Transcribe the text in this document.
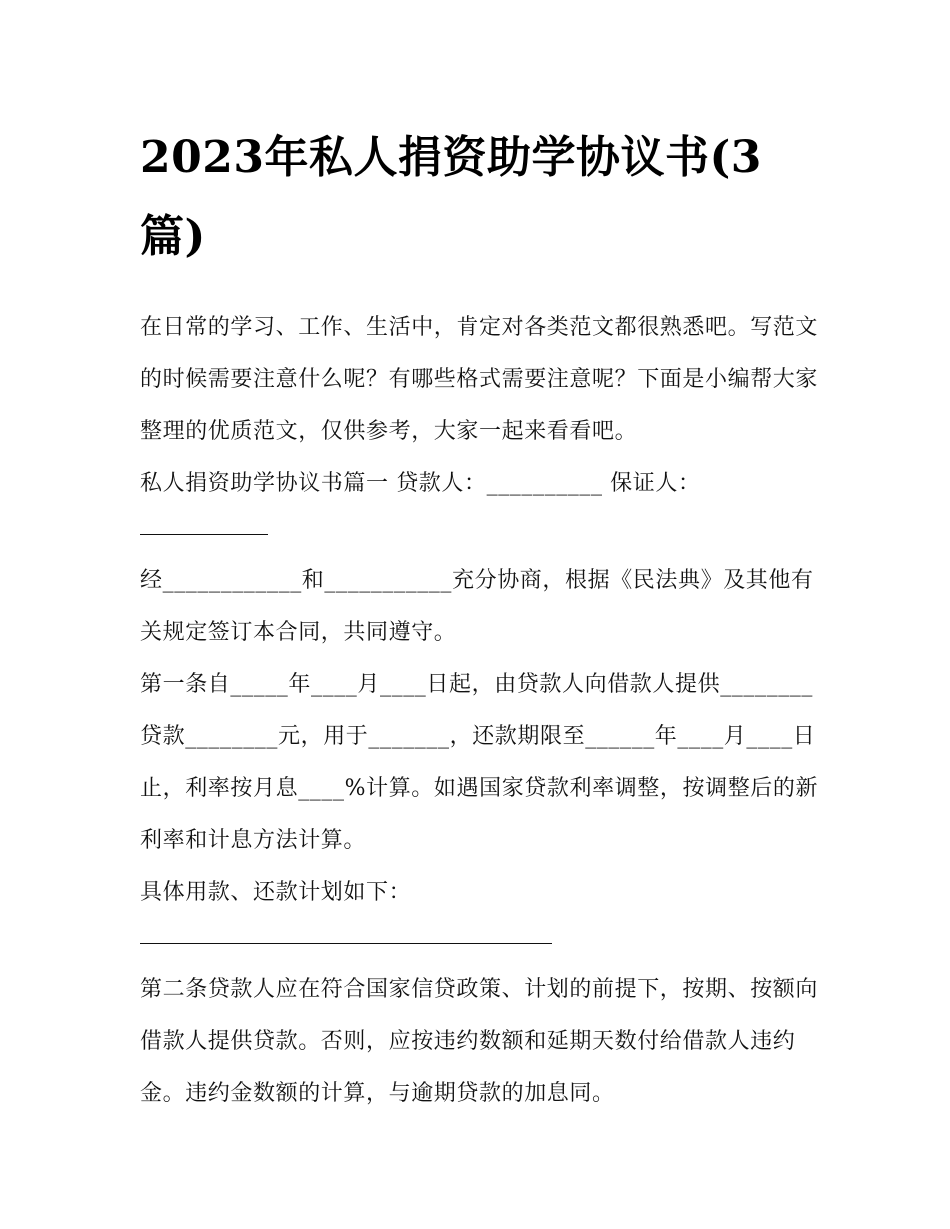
2023年私人捐资助学协议书(3篇)

在日常的学习、工作、生活中，肯定对各类范文都很熟悉吧。写范文的时候需要注意什么呢？有哪些格式需要注意呢？下面是小编帮大家整理的优质范文，仅供参考，大家一起来看看吧。

私人捐资助学协议书篇一 贷款人：__________ 保证人：

经____________和___________充分协商，根据《民法典》及其他有关规定签订本合同，共同遵守。

第一条自_____年____月____日起，由贷款人向借款人提供________贷款________元，用于_______，还款期限至______年____月____日止，利率按月息____%计算。如遇国家贷款利率调整，按调整后的新利率和计息方法计算。

具体用款、还款计划如下：

第二条贷款人应在符合国家信贷政策、计划的前提下，按期、按额向借款人提供贷款。否则，应按违约数额和延期天数付给借款人违约金。违约金数额的计算，与逾期贷款的加息同。
